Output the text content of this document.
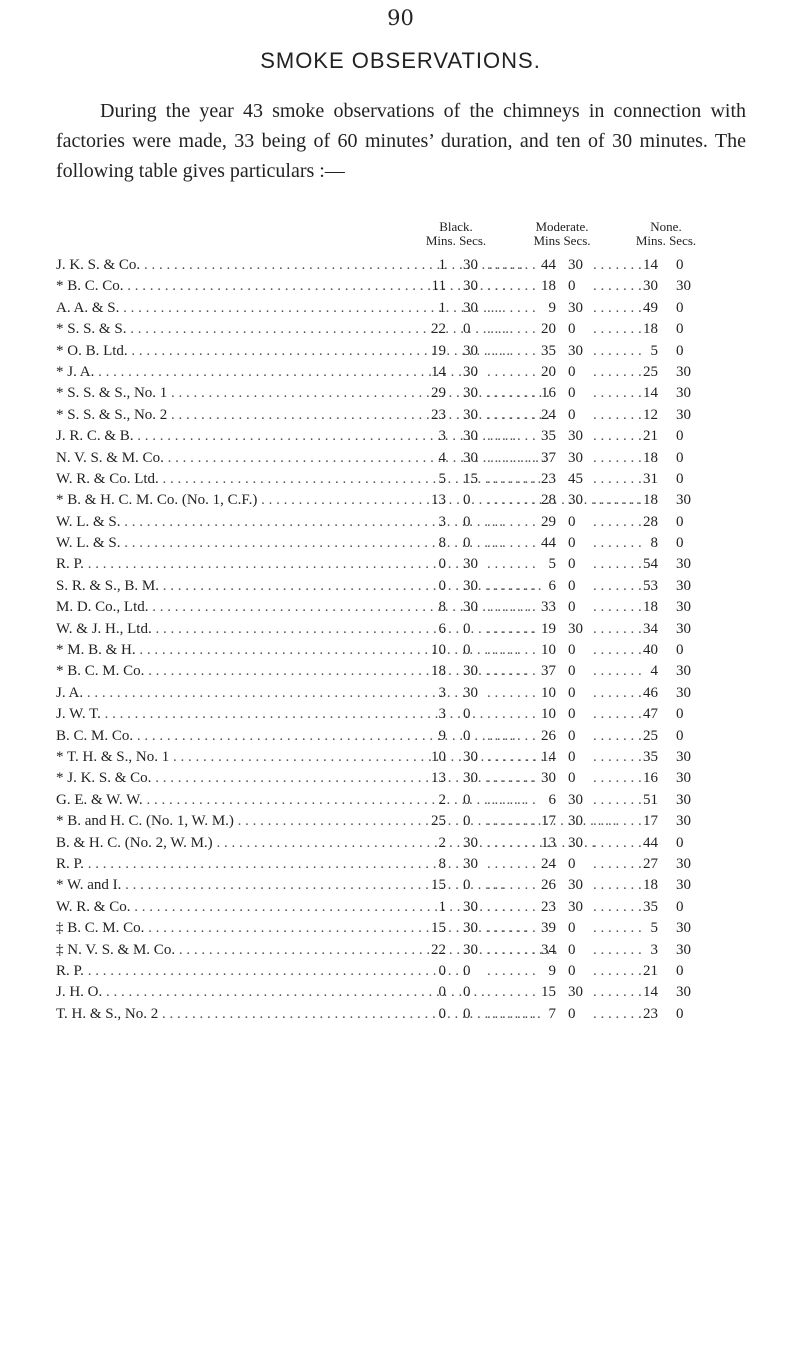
90
SMOKE OBSERVATIONS.

During the year 43 smoke observations of the chimneys in connection with factories were made, 33 being of 60 minutes’ duration, and ten of 30 minutes. The following table gives particulars :—

Black.
Mins. Secs.
Moderate.
Mins Secs.
None.
Mins. Secs.
J. K. S. & Co. . . .	1 30 . . . . . . . 44 30 . . . . . . . 14 0
* B. C. Co. . . .	11 30 . . . . . . . 18 0	. . . . . . . 30 30
A. A. & S. . . .	1 30 . . . . . . . 9 30 . . . . . . . 49 0
* S. S. & S. . . .	22 0	. . . . . . . 20 0	. . . . . . . 18 0
* O. B. Ltd. . . .	19 30 . . . . . . . 35 30 . . . . . . . 5 0
* J. A. . . .	14 30 . . . . . . . 20 0	. . . . . . . 25 30
* S. S. & S., No. 1 . . .	29 30 . . . . . . . 16 0	. . . . . . . 14 30
* S. S. & S., No. 2 . . .	23 30 . . . . . . . 24 0	. . . . . . . 12 30
J. R. C. & B. . . .	3 30 . . . . . . . 35 30 . . . . . . . 21 0
N. V. S. & M. Co. . . .	4 30 . . . . . . . 37 30 . . . . . . . 18 0
W. R. & Co. Ltd. . . .	5 15 . . . . . . . 23 45 . . . . . . . 31 0
* B. & H. C. M. Co. (No. 1, C.F.) . . .	13 0	. . . . . . . 28 30 . . . . . . . 18 30
W. L. & S. . . .	3 0	. . . . . . . 29 0	. . . . . . . 28 0
W. L. & S. . . .	8 0	. . . . . . . 44 0	. . . . . . . 8 0
R. P. . . .	0 30 . . . . . . . 5 0	. . . . . . . 54 30
S. R. & S., B. M. . . .	0 30 . . . . . . . 6 0	. . . . . . . 53 30
M. D. Co., Ltd. . . .	8 30 . . . . . . . 33 0	. . . . . . . 18 30
W. & J. H., Ltd. . . .	6 0	. . . . . . . 19 30 . . . . . . . 34 30
* M. B. & H. . . .	10 0	. . . . . . . 10 0	. . . . . . . 40 0
* B. C. M. Co. . . .	18 30 . . . . . . . 37 0	. . . . . . . 4 30
J. A. . . .	3 30 . . . . . . . 10 0	. . . . . . . 46 30
J. W. T. . . .	3 0	. . . . . . . 10 0	. . . . . . . 47 0
B. C. M. Co. . . .	9 0	. . . . . . . 26 0	. . . . . . . 25 0
* T. H. & S., No. 1 . . .	10 30 . . . . . . . 14 0	. . . . . . . 35 30
* J. K. S. & Co. . . .	13 30 . . . . . . . 30 0	. . . . . . . 16 30
G. E. & W. W. . . .	2 0	. . . . . . . 6 30 . . . . . . . 51 30
* B. and H. C. (No. 1, W. M.) . . .	25 0	. . . . . . . 17 30 . . . . . . . 17 30
B. & H. C. (No. 2, W. M.) . . .	2 30 . . . . . . . 13 30 . . . . . . . 44 0
R. P. . . .	8 30 . . . . . . . 24 0	. . . . . . . 27 30
* W. and I. . . .	15 0	. . . . . . . 26 30 . . . . . . . 18 30
W. R. & Co. . . .	1 30 . . . . . . . 23 30 . . . . . . . 35 0
‡ B. C. M. Co. . . .	15 30 . . . . . . . 39 0	. . . . . . . 5 30
‡ N. V. S. & M. Co. . . .	22 30 . . . . . . . 34 0	. . . . . . . 3 30
R. P. . . .	0 0	. . . . . . . 9 0	. . . . . . . 21 0
J. H. O. . . .	0 0	. . . . . . . 15 30 . . . . . . . 14 30
T. H. & S., No. 2 . . .	0 0	. . . . . . . 7 0	. . . . . . . 23 0
